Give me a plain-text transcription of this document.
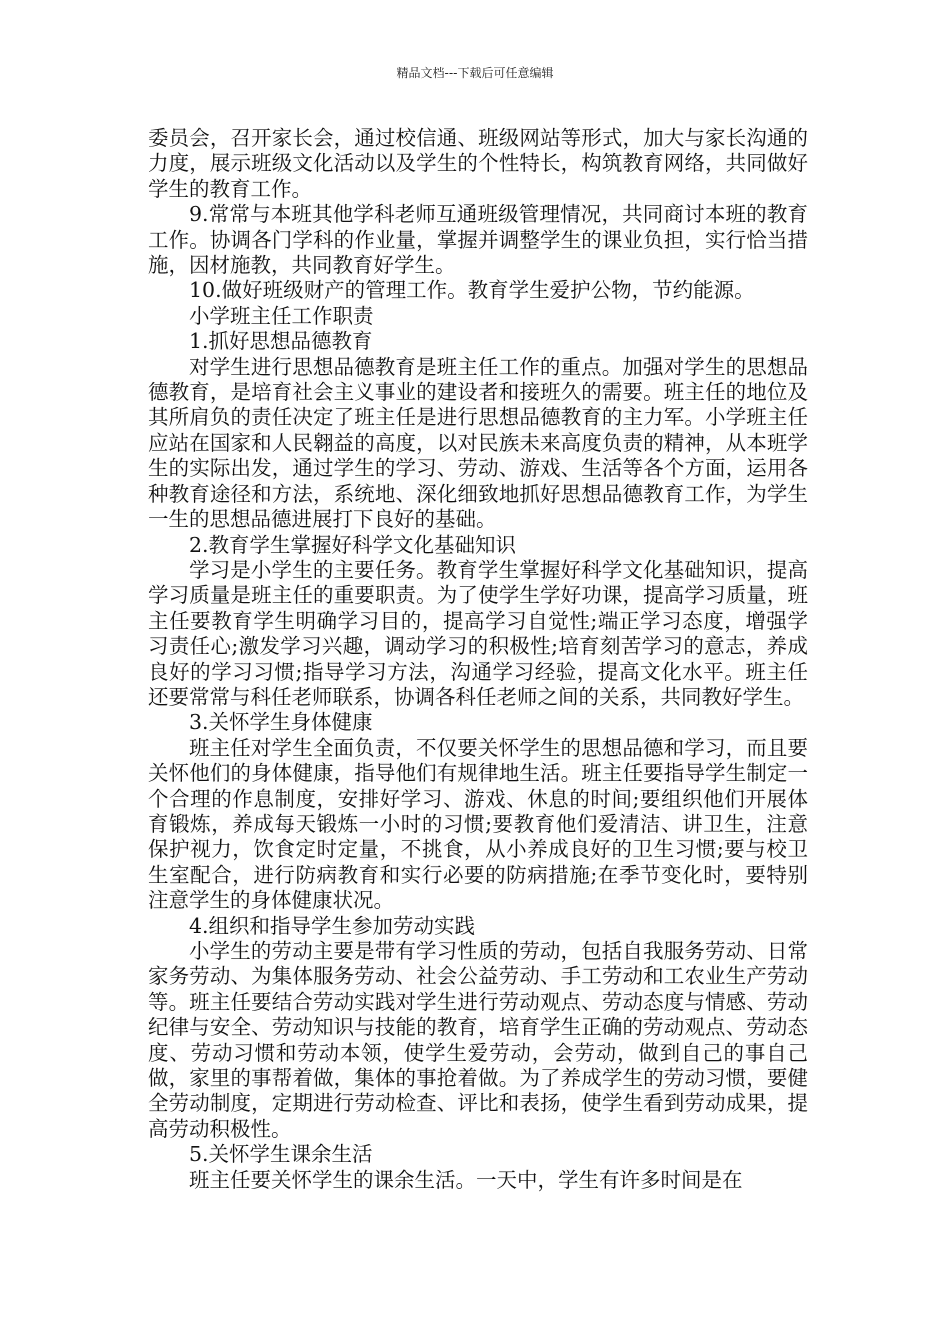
精品文档---下载后可任意编辑

委员会，召开家长会，通过校信通、班级网站等形式，加大与家长沟通的力度，展示班级文化活动以及学生的个性特长，构筑教育网络，共同做好学生的教育工作。

9.常常与本班其他学科老师互通班级管理情况，共同商讨本班的教育工作。协调各门学科的作业量，掌握并调整学生的课业负担，实行恰当措施，因材施教，共同教育好学生。

10.做好班级财产的管理工作。教育学生爱护公物，节约能源。

小学班主任工作职责

1.抓好思想品德教育

对学生进行思想品德教育是班主任工作的重点。加强对学生的思想品德教育，是培育社会主义事业的建设者和接班久的需要。班主任的地位及其所肩负的责任决定了班主任是进行思想品德教育的主力军。小学班主任应站在国家和人民翱益的高度，以对民族未来高度负责的精神，从本班学生的实际出发，通过学生的学习、劳动、游戏、生活等各个方面，运用各种教育途径和方法，系统地、深化细致地抓好思想品德教育工作，为学生一生的思想品德进展打下良好的基础。

2.教育学生掌握好科学文化基础知识

学习是小学生的主要任务。教育学生掌握好科学文化基础知识，提高学习质量是班主任的重要职责。为了使学生学好功课，提高学习质量，班主任要教育学生明确学习目的，提高学习自觉性;端正学习态度，增强学习责任心;激发学习兴趣，调动学习的积极性;培育刻苦学习的意志，养成良好的学习习惯;指导学习方法，沟通学习经验，提高文化水平。班主任还要常常与科任老师联系，协调各科任老师之间的关系，共同教好学生。

3.关怀学生身体健康

班主任对学生全面负责，不仅要关怀学生的思想品德和学习，而且要关怀他们的身体健康，指导他们有规律地生活。班主任要指导学生制定一个合理的作息制度，安排好学习、游戏、休息的时间;要组织他们开展体育锻炼，养成每天锻炼一小时的习惯;要教育他们爱清洁、讲卫生，注意保护视力，饮食定时定量，不挑食，从小养成良好的卫生习惯;要与校卫生室配合，进行防病教育和实行必要的防病措施;在季节变化时，要特别注意学生的身体健康状况。

4.组织和指导学生参加劳动实践

小学生的劳动主要是带有学习性质的劳动，包括自我服务劳动、日常家务劳动、为集体服务劳动、社会公益劳动、手工劳动和工农业生产劳动等。班主任要结合劳动实践对学生进行劳动观点、劳动态度与情感、劳动纪律与安全、劳动知识与技能的教育，培育学生正确的劳动观点、劳动态度、劳动习惯和劳动本领，使学生爱劳动，会劳动，做到自己的事自己做，家里的事帮着做，集体的事抢着做。为了养成学生的劳动习惯，要健全劳动制度，定期进行劳动检查、评比和表扬，使学生看到劳动成果，提高劳动积极性。

5.关怀学生课余生活

班主任要关怀学生的课余生活。一天中，学生有许多时间是在
